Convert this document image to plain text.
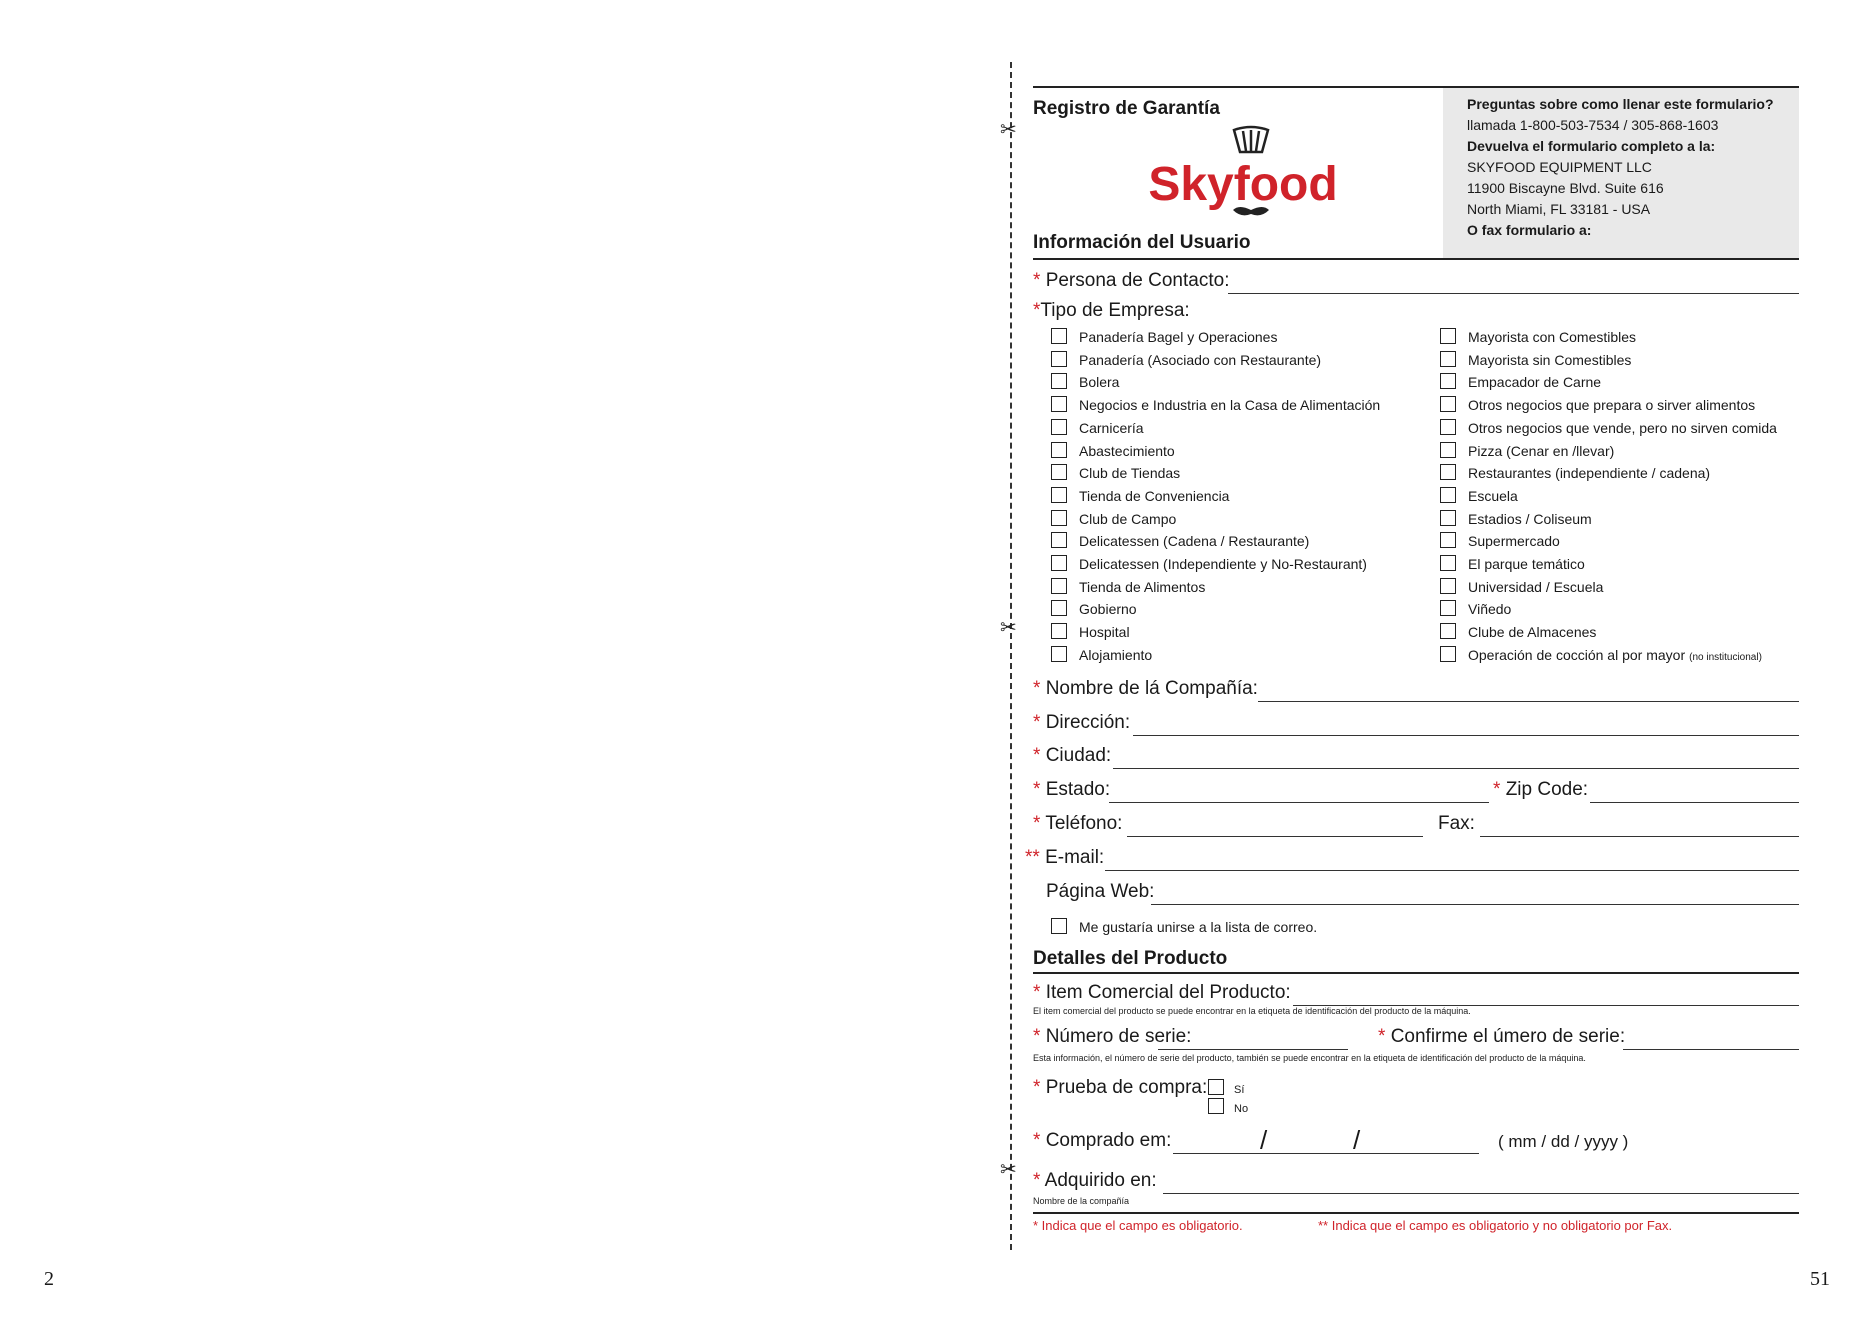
2	51
✂
✂
✂
Registro de Garantía
Skyfood
Preguntas sobre como llenar este formulario?
llamada 1-800-503-7534 / 305-868-1603
Devuelva el formulario completo a la:
SKYFOOD EQUIPMENT LLC
11900 Biscayne Blvd. Suite 616
North Miami, FL 33181 - USA
O fax formulario a:
Información del Usuario
* Persona de Contacto:
*Tipo de Empresa:
Panadería Bagel y Operaciones
Panadería (Asociado con Restaurante)
Bolera
Negocios e Industria en la Casa de Alimentación
Carnicería
Abastecimiento
Club de Tiendas
Tienda de Conveniencia
Club de Campo
Delicatessen (Cadena / Restaurante)
Delicatessen (Independiente y No-Restaurant)
Tienda de Alimentos
Gobierno
Hospital
Alojamiento
Mayorista con Comestibles
Mayorista sin Comestibles
Empacador de Carne
Otros negocios que prepara o sirver alimentos
Otros negocios que vende, pero no sirven comida
Pizza (Cenar en /llevar)
Restaurantes (independiente / cadena)
Escuela
Estadios / Coliseum
Supermercado
El parque temático
Universidad / Escuela
Viñedo
Clube de Almacenes
Operación de cocción al por mayor (no institucional)
* Nombre de lá Compañía:
* Dirección:
* Ciudad:
* Estado:	* Zip Code:
* Teléfono:	Fax:
** E-mail:
Página Web:
Me gustaría unirse a la lista de correo.
Detalles del Producto
* Item Comercial del Producto:
El item comercial del producto se puede encontrar en la etiqueta de identificación del producto de la máquina.
* Número de serie:	* Confirme el úmero de serie:
Esta información, el número de serie del producto, también se puede encontrar en la etiqueta de identificación del producto de la máquina.
* Prueba de compra:	Sí
No
* Comprado em:	/	/	( mm / dd / yyyy )
* Adquirido en:
Nombre de la compañía
* Indica que el campo es obligatorio.	** Indica que el campo es obligatorio y no obligatorio por Fax.
